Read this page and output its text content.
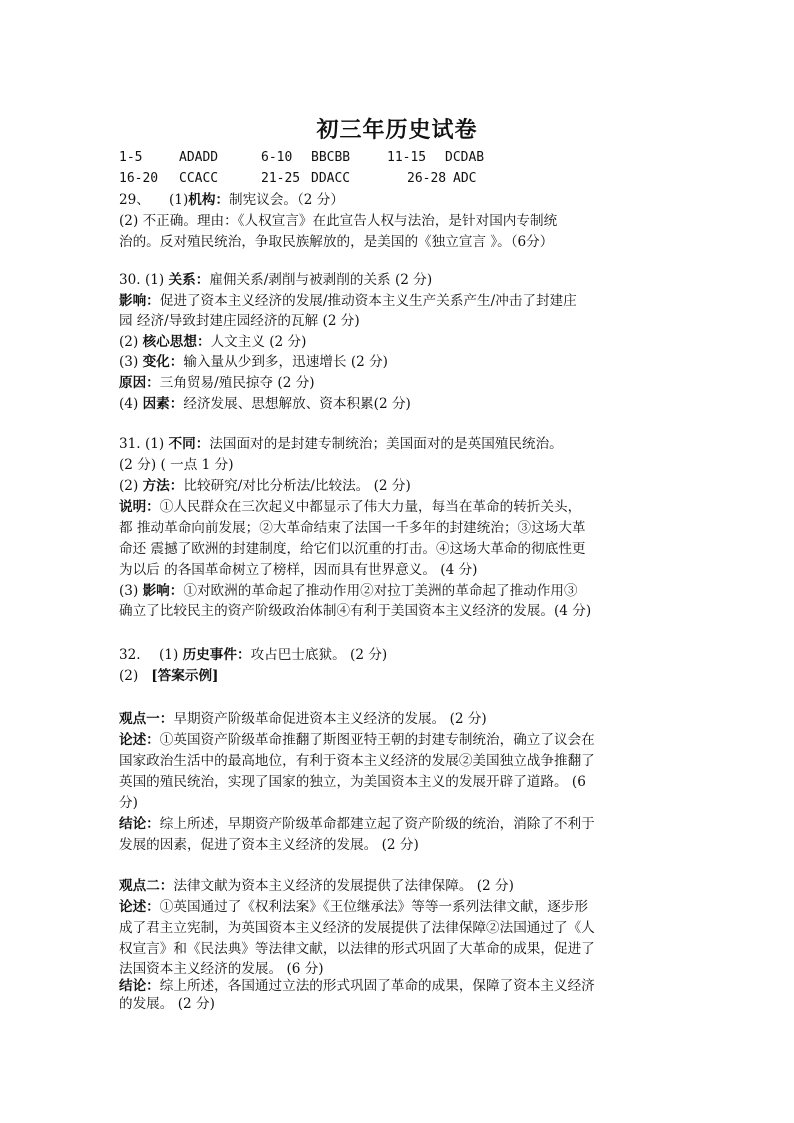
初三年历史试卷
1-5	ADADD	6-10 BBCBB	11-15 DCDAB
16-20 CCACC	21-25 DDACC	26-28 ADC
29、 (1)机构：制宪议会。（2 分）
(2) 不正确。理由：《人权宣言》在此宣告人权与法治，是针对国内专制统
治的。反对殖民统治，争取民族解放的，是美国的《独立宣言 》。（6分）
30. (1) 关系：雇佣关系/剥削与被剥削的关系 (2 分)
影响：促进了资本主义经济的发展/推动资本主义生产关系产生/冲击了封建庄
园 经济/导致封建庄园经济的瓦解 (2 分)
(2) 核心思想：人文主义 (2 分)
(3) 变化：输入量从少到多，迅速增长 (2 分)
原因：三角贸易/殖民掠夺 (2 分)
(4) 因素：经济发展、思想解放、资本积累(2 分)
31. (1) 不同：法国面对的是封建专制统治；美国面对的是英国殖民统治。
(2 分) ( 一点 1 分)
(2) 方法：比较研究/对比分析法/比较法。 (2 分)
说明：①人民群众在三次起义中都显示了伟大力量，每当在革命的转折关头，
都 推动革命向前发展；②大革命结束了法国一千多年的封建统治；③这场大革
命还 震撼了欧洲的封建制度，给它们以沉重的打击。④这场大革命的彻底性更
为以后 的各国革命树立了榜样，因而具有世界意义。 (4 分)
(3) 影响：①对欧洲的革命起了推动作用②对拉丁美洲的革命起了推动作用③
确立了比较民主的资产阶级政治体制④有利于美国资本主义经济的发展。(4 分)
32. (1) 历史事件：攻占巴士底狱。 (2 分)
(2) [答案示例]
观点一：早期资产阶级革命促进资本主义经济的发展。 (2 分)
论述：①英国资产阶级革命推翻了斯图亚特王朝的封建专制统治，确立了议会在
国家政治生活中的最高地位，有利于资本主义经济的发展②美国独立战争推翻了
英国的殖民统治，实现了国家的独立，为美国资本主义的发展开辟了道路。 (6
分)
结论：综上所述，早期资产阶级革命都建立起了资产阶级的统治，消除了不利于
发展的因素，促进了资本主义经济的发展。 (2 分)
观点二：法律文献为资本主义经济的发展提供了法律保障。 (2 分)
论述：①英国通过了《权利法案》《王位继承法》等等一系列法律文献，逐步形
成了君主立宪制，为英国资本主义经济的发展提供了法律保障②法国通过了《人
权宣言》和《民法典》等法律文献，以法律的形式巩固了大革命的成果，促进了
法国资本主义经济的发展。 (6 分)
结论：综上所述，各国通过立法的形式巩固了革命的成果，保障了资本主义经济
的发展。 (2 分)
